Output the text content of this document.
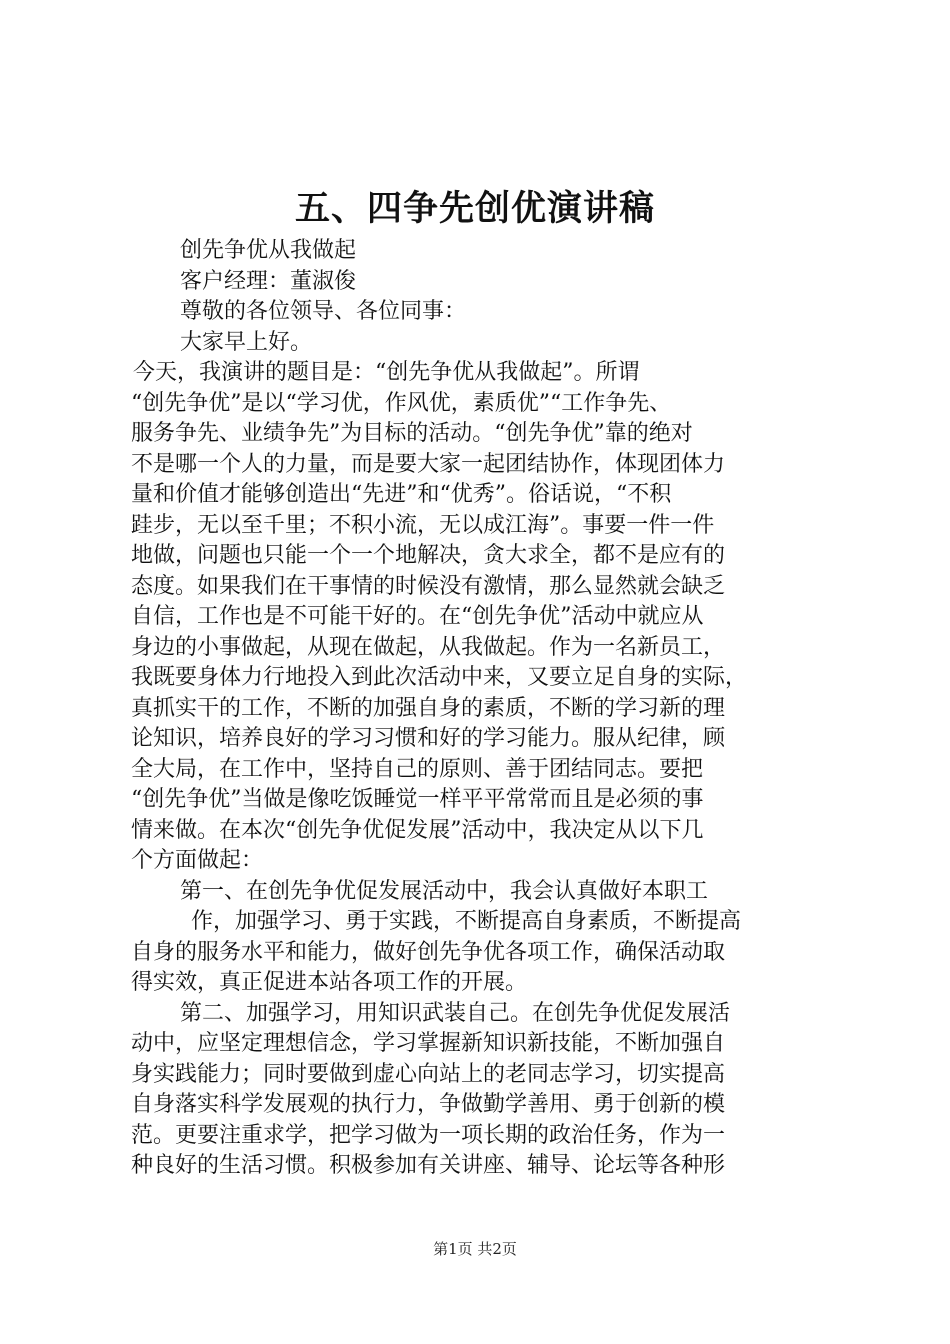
五、四争先创优演讲稿
创先争优从我做起
客户经理：董淑俊
尊敬的各位领导、各位同事：
大家早上好。
今天，我演讲的题目是：“创先争优从我做起”。所谓
“创先争优”是以“学习优，作风优，素质优”“工作争先、
服务争先、业绩争先”为目标的活动。“创先争优”靠的绝对
不是哪一个人的力量，而是要大家一起团结协作，体现团体力
量和价值才能够创造出“先进”和“优秀”。俗话说，“不积
跬步，无以至千里；不积小流，无以成江海”。事要一件一件
地做，问题也只能一个一个地解决，贪大求全，都不是应有的
态度。如果我们在干事情的时候没有激情，那么显然就会缺乏
自信，工作也是不可能干好的。在“创先争优”活动中就应从
身边的小事做起，从现在做起，从我做起。作为一名新员工，
我既要身体力行地投入到此次活动中来，又要立足自身的实际，
真抓实干的工作，不断的加强自身的素质，不断的学习新的理
论知识，培养良好的学习习惯和好的学习能力。服从纪律，顾
全大局，在工作中，坚持自己的原则、善于团结同志。要把
“创先争优”当做是像吃饭睡觉一样平平常常而且是必须的事
情来做。在本次“创先争优促发展”活动中，我决定从以下几
个方面做起：
第一、在创先争优促发展活动中，我会认真做好本职工
作，加强学习、勇于实践，不断提高自身素质，不断提高
自身的服务水平和能力，做好创先争优各项工作，确保活动取
得实效，真正促进本站各项工作的开展。
第二、加强学习，用知识武装自己。在创先争优促发展活
动中，应坚定理想信念，学习掌握新知识新技能，不断加强自
身实践能力；同时要做到虚心向站上的老同志学习，切实提高
自身落实科学发展观的执行力，争做勤学善用、勇于创新的模
范。更要注重求学，把学习做为一项长期的政治任务，作为一
种良好的生活习惯。积极参加有关讲座、辅导、论坛等各种形
第1页 共2页
